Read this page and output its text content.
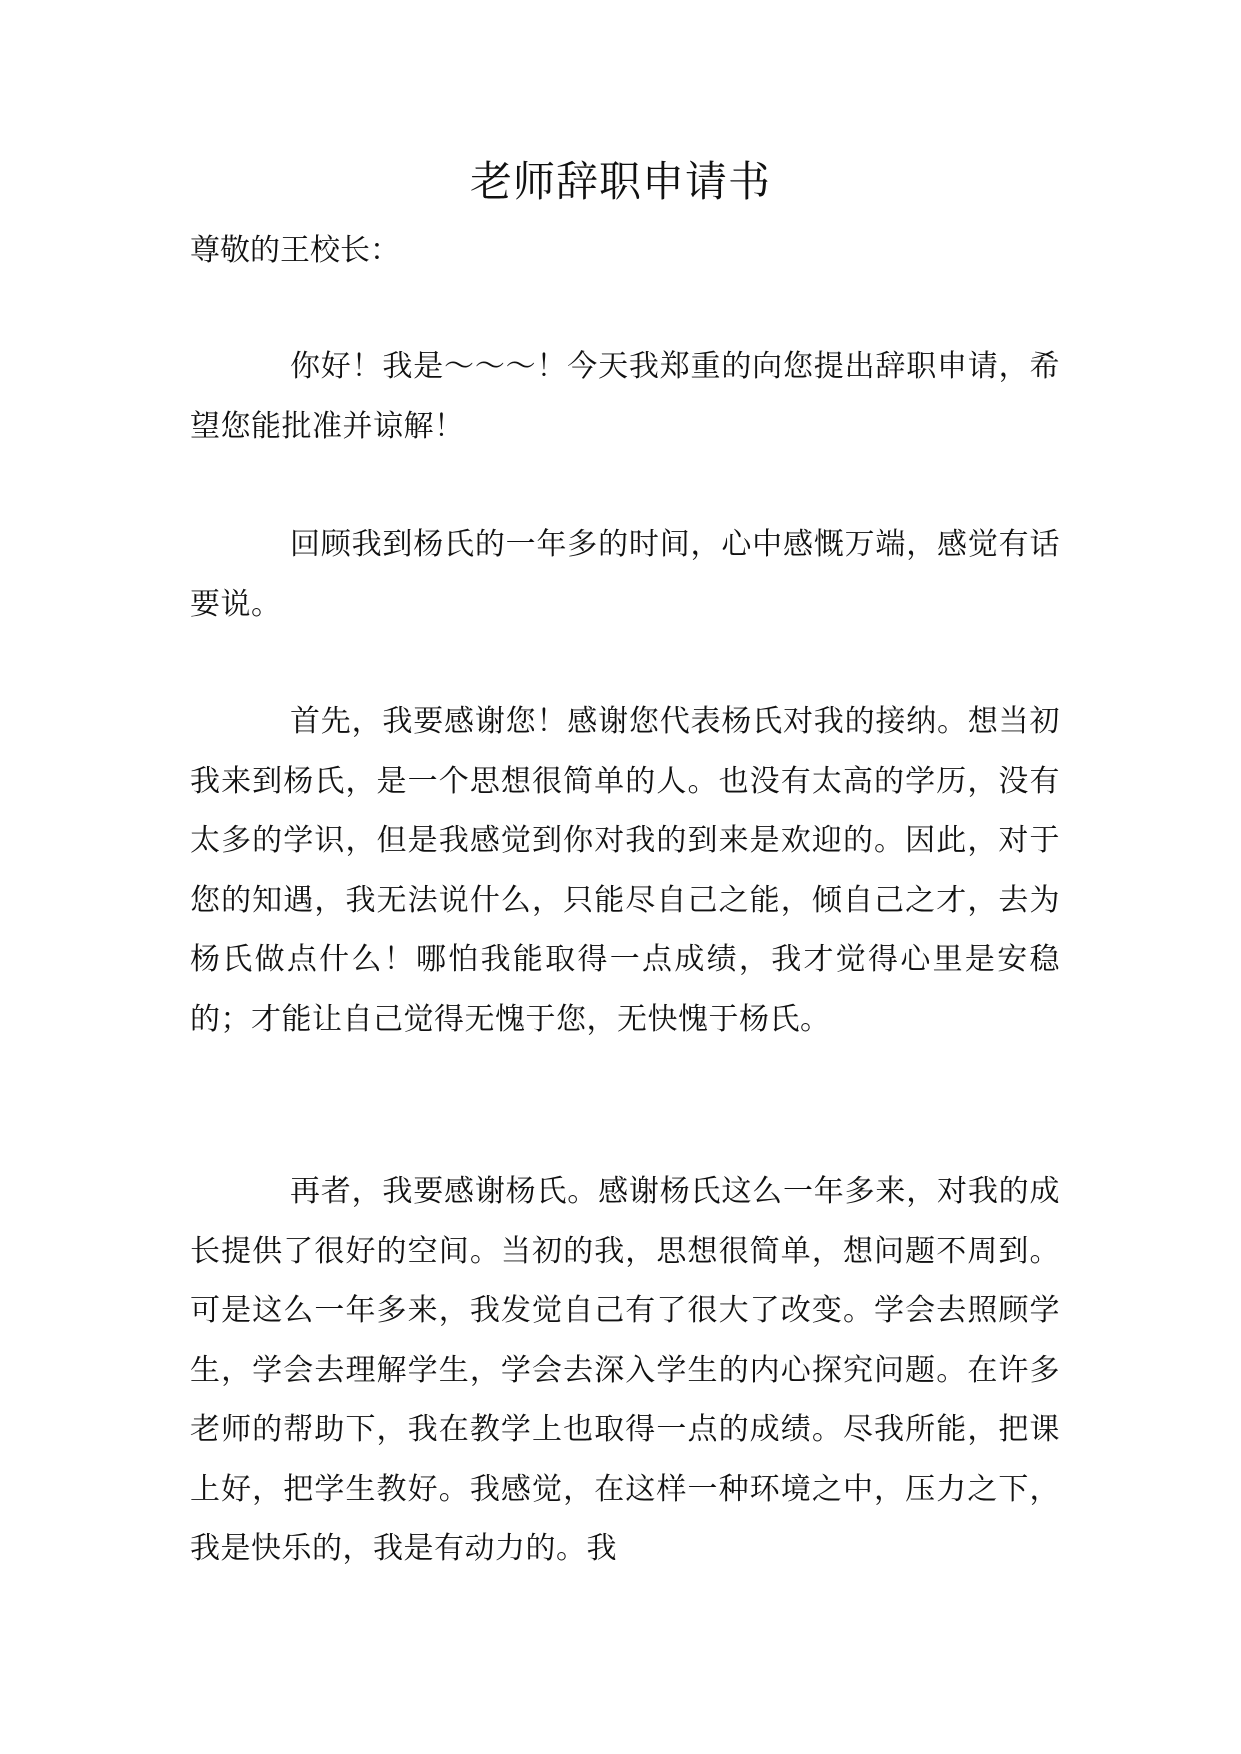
老师辞职申请书

尊敬的王校长：

你好！我是～～～！今天我郑重的向您提出辞职申请，希望您能批准并谅解！

回顾我到杨氏的一年多的时间，心中感慨万端，感觉有话要说。

首先，我要感谢您！感谢您代表杨氏对我的接纳。想当初我来到杨氏，是一个思想很简单的人。也没有太高的学历，没有太多的学识，但是我感觉到你对我的到来是欢迎的。因此，对于您的知遇，我无法说什么，只能尽自己之能，倾自己之才，去为杨氏做点什么！哪怕我能取得一点成绩，我才觉得心里是安稳的；才能让自己觉得无愧于您，无快愧于杨氏。

再者，我要感谢杨氏。感谢杨氏这么一年多来，对我的成长提供了很好的空间。当初的我，思想很简单，想问题不周到。可是这么一年多来，我发觉自己有了很大了改变。学会去照顾学生，学会去理解学生，学会去深入学生的内心探究问题。在许多老师的帮助下，我在教学上也取得一点的成绩。尽我所能，把课上好，把学生教好。我感觉，在这样一种环境之中，压力之下，我是快乐的，我是有动力的。我
